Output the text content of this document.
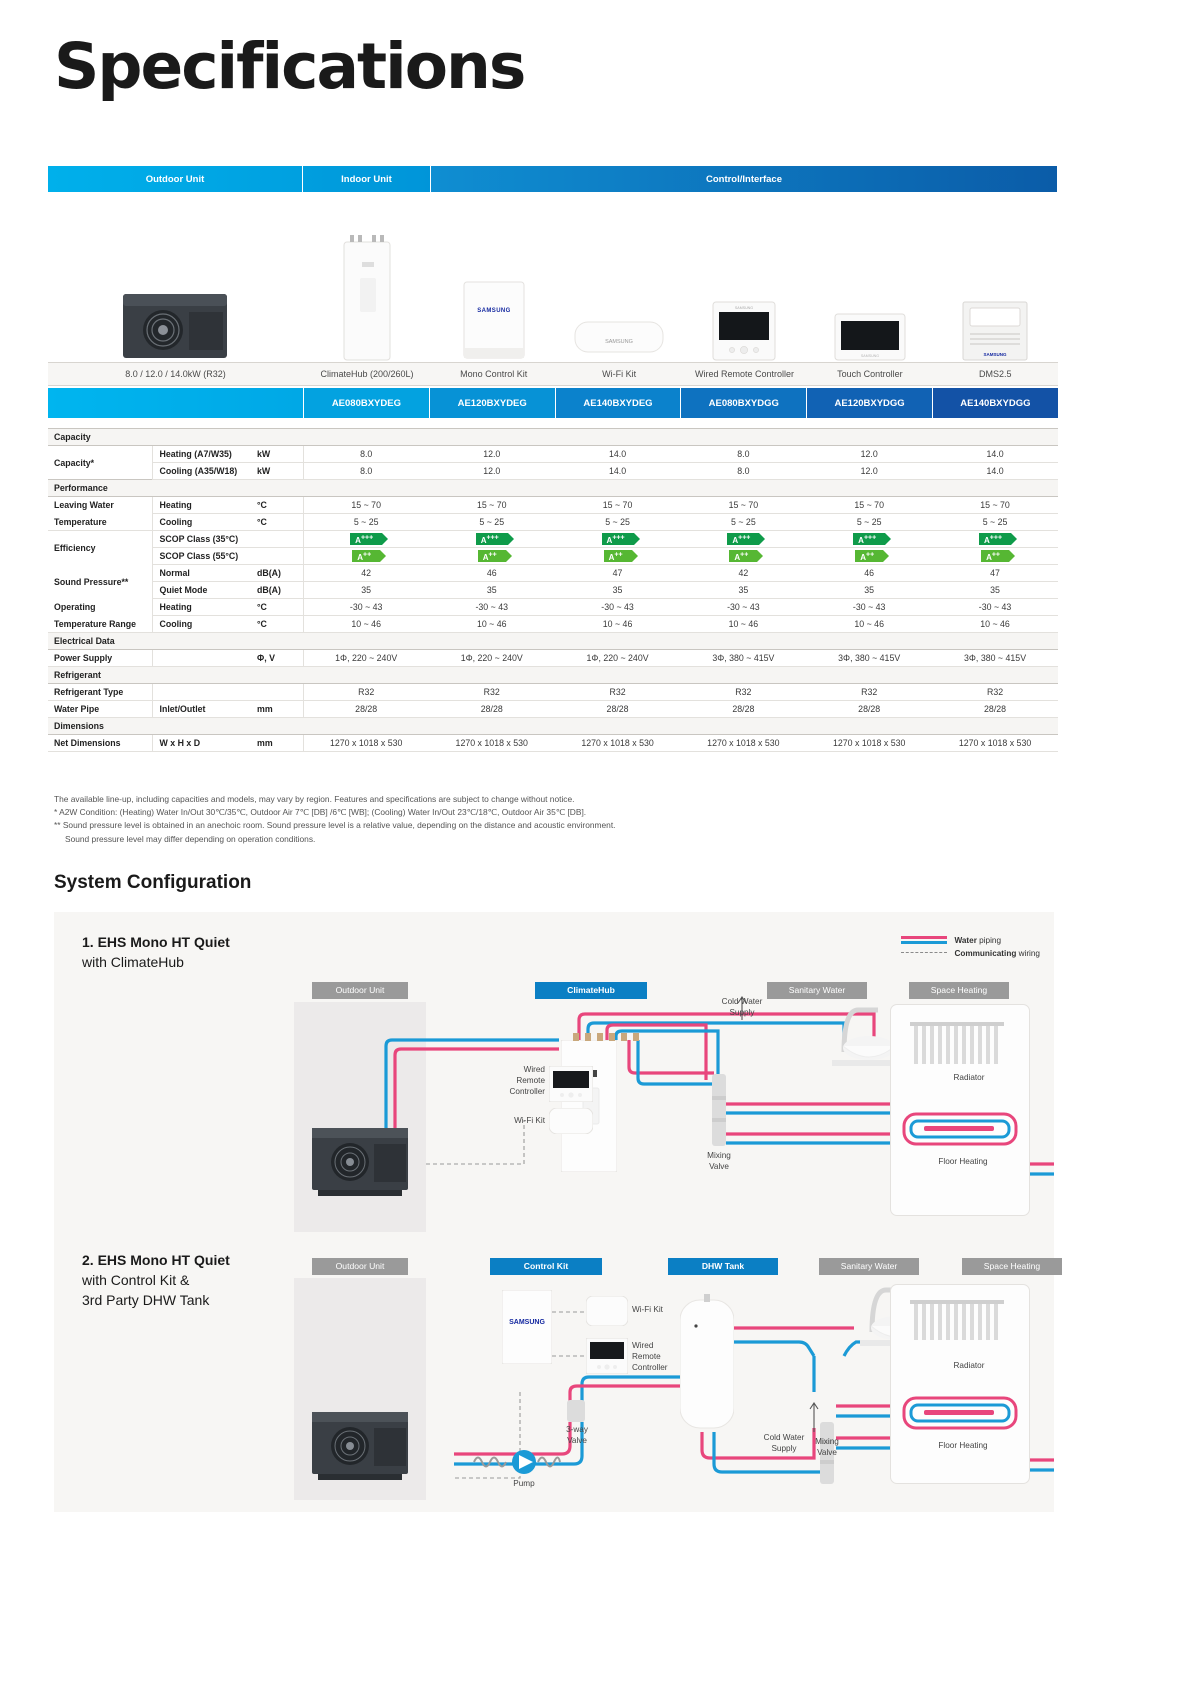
Specifications
Outdoor Unit	Indoor Unit	Control/Interface
SAMSUNG
SAMSUNG
SAMSUNG
SAMSUNG	SAMSUNG
8.0 / 12.0 / 14.0kW (R32)	ClimateHub (200/260L)	Mono Control Kit	Wi-Fi Kit	Wired Remote Controller	Touch Controller	DMS2.5
AE080BXYDEG	AE120BXYDEG	AE140BXYDEG	AE080BXYDGG	AE120BXYDGG	AE140BXYDGG
Capacity								
Capacity*	Heating (A7/W35)	kW	8.0	12.0	14.0	8.0	12.0	14.0
	Cooling (A35/W18)	kW	8.0	12.0	14.0	8.0	12.0	14.0
Performance								
Leaving Water	Heating	°C	15 ~ 70	15 ~ 70	15 ~ 70	15 ~ 70	15 ~ 70	15 ~ 70
Temperature	Cooling	°C	5 ~ 25	5 ~ 25	5 ~ 25	5 ~ 25	5 ~ 25	5 ~ 25
Efficiency	SCOP Class (35°C)		A+++	A+++	A+++	A+++	A+++	A+++
	SCOP Class (55°C)		A++	A++	A++	A++	A++	A++
Sound Pressure**	Normal	dB(A)	42	46	47	42	46	47
	Quiet Mode	dB(A)	35	35	35	35	35	35
Operating	Heating	°C	-30 ~ 43	-30 ~ 43	-30 ~ 43	-30 ~ 43	-30 ~ 43	-30 ~ 43
Temperature Range	Cooling	°C	10 ~ 46	10 ~ 46	10 ~ 46	10 ~ 46	10 ~ 46	10 ~ 46
Electrical Data								
Power Supply		Φ, V	1Φ, 220 ~ 240V	1Φ, 220 ~ 240V	1Φ, 220 ~ 240V	3Φ, 380 ~ 415V	3Φ, 380 ~ 415V	3Φ, 380 ~ 415V
Refrigerant								
Refrigerant Type			R32	R32	R32	R32	R32	R32
Water Pipe	Inlet/Outlet	mm	28/28	28/28	28/28	28/28	28/28	28/28
Dimensions								
Net Dimensions	W x H x D	mm	1270 x 1018 x 530	1270 x 1018 x 530	1270 x 1018 x 530	1270 x 1018 x 530	1270 x 1018 x 530	1270 x 1018 x 530
The available line-up, including capacities and models, may vary by region. Features and specifications are subject to change without notice.
* A2W Condition: (Heating) Water In/Out 30℃/35℃, Outdoor Air 7℃ [DB] /6℃ [WB]; (Cooling) Water In/Out 23℃/18℃, Outdoor Air 35℃ [DB].
** Sound pressure level is obtained in an anechoic room. Sound pressure level is a relative value, depending on the distance and acoustic environment.
Sound pressure level may differ depending on operation conditions.
System Configuration
1. EHS Mono HT Quiet
with ClimateHub
Water piping
Communicating wiring
Outdoor Unit	ClimateHub	Sanitary Water	Space Heating
Wired
Remote
Controller
Wi-Fi Kit
Cold Water
Supply
Mixing
Valve
Radiator
Floor Heating
2. EHS Mono HT Quiet
with Control Kit &
3rd Party DHW Tank
Outdoor Unit	Control Kit	DHW Tank	Sanitary Water	Space Heating
SAMSUNG
Wi-Fi Kit
Wired
Remote
Controller
Cold Water
Supply
3-way
Valve
Pump
Mixing
Valve
Radiator
Floor Heating
